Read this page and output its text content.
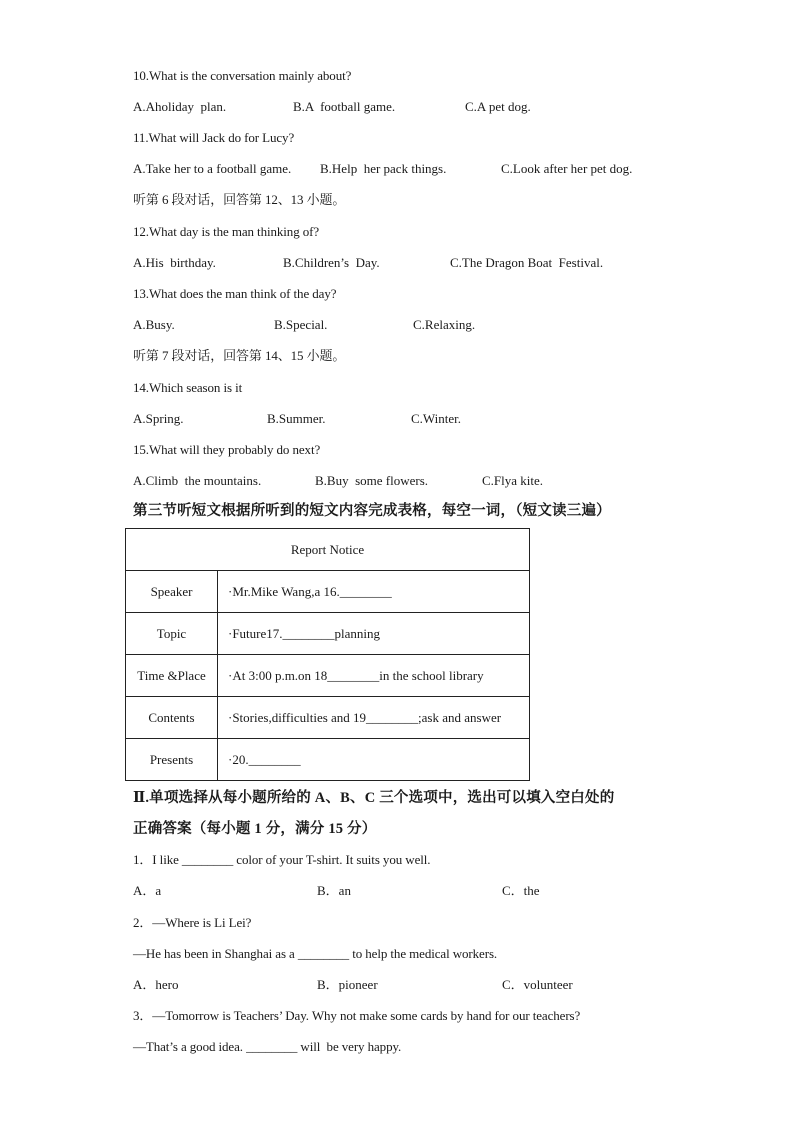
10.What is the conversation mainly about?
A.Aholiday  plan.	B.A  football game.	C.A pet dog.
11.What will Jack do for Lucy?
A.Take her to a football game. B.Help  her pack things.	C.Look after her pet dog.
听第 6 段对话，回答第 12、13 小题。
12.What day is the man thinking of?
A.His  birthday.	B.Children’s  Day.	C.The Dragon Boat  Festival.
13.What does the man think of the day?
A.Busy.	B.Special.	C.Relaxing.
听第 7 段对话，回答第 14、15 小题。
14.Which season is it
A.Spring.	B.Summer.	C.Winter.
15.What will they probably do next?
A.Climb  the mountains.	B.Buy  some flowers.	C.Flya kite.
第三节听短文根据所听到的短文内容完成表格，每空一词，（短文读三遍）
Report Notice	
Speaker	·Mr.Mike Wang,a 16.________
Topic	·Future17.________planning
Time &Place	·At 3:00 p.m.on 18________in the school library
Contents	·Stories,difficulties and 19________;ask and answer
Presents	·20.________
Ⅱ.单项选择从每小题所给的 A、B、C 三个选项中，选出可以填入空白处的
正确答案（每小题 1 分，满分 15 分）
1．I like ________ color of your T-shirt. It suits you well.
A．a	B．an	C．the
2．—Where is Li Lei?
—He has been in Shanghai as a ________ to help the medical workers.
A．hero	B．pioneer	C．volunteer
3．—Tomorrow is Teachers’ Day. Why not make some cards by hand for our teachers?
—That’s a good idea. ________ will  be very happy.
